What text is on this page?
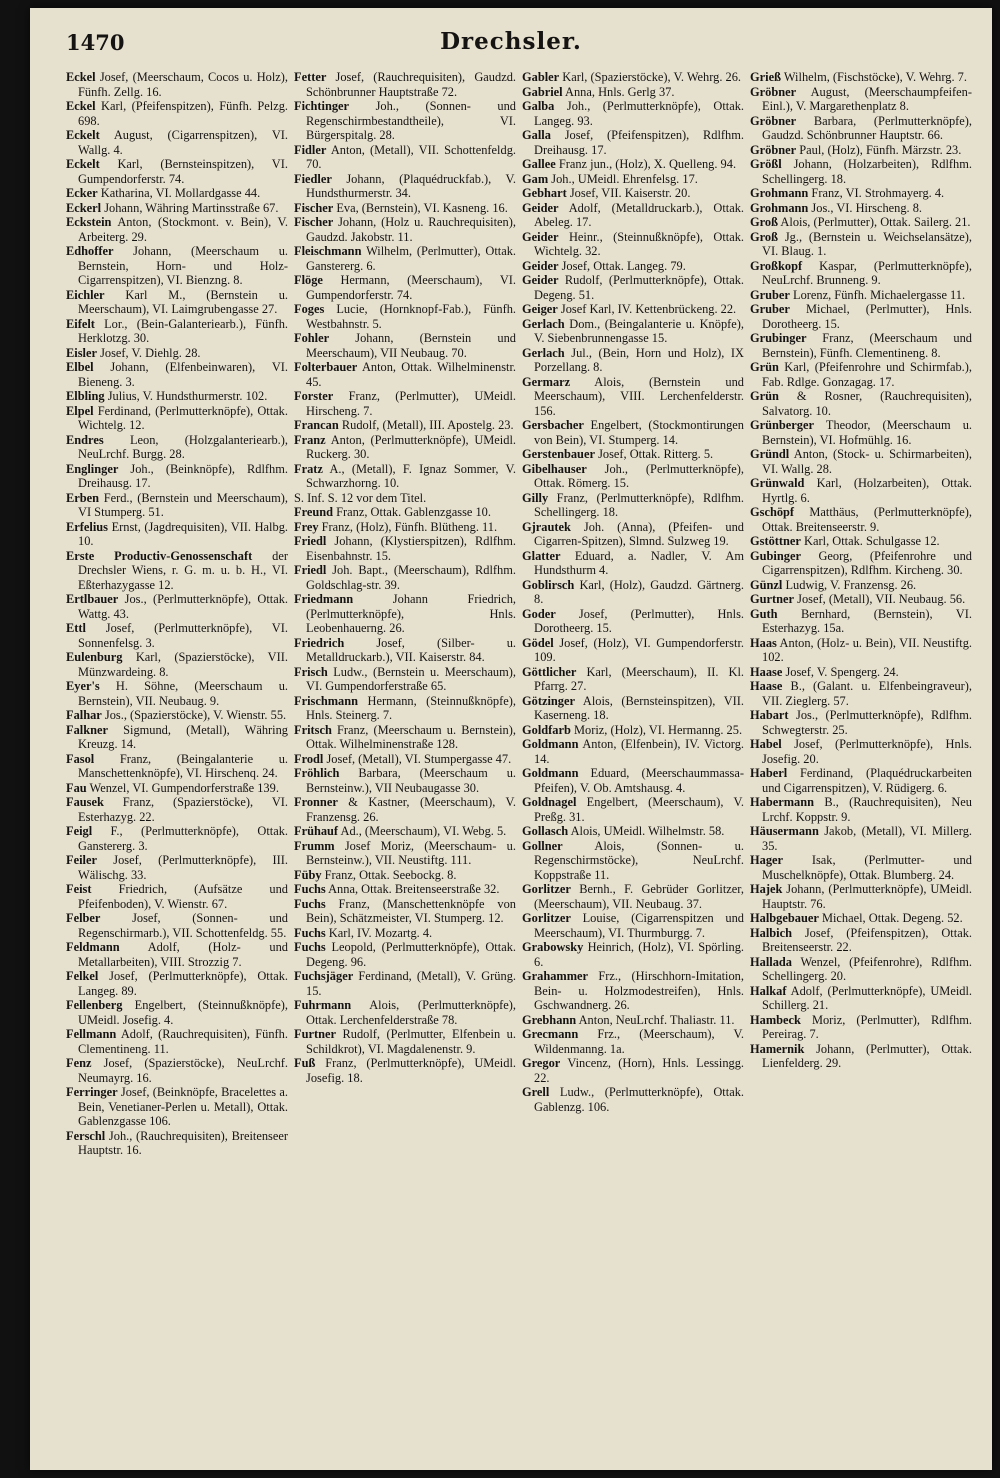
1470	Drechsler.
Eckel Josef, (Meerschaum, Cocos u. Holz), Fünfh. Zellg. 16.
Eckel Karl, (Pfeifenspitzen), Fünfh. Pelzg. 698.
Eckelt August, (Cigarrenspitzen), VI. Wallg. 4.
Eckelt Karl, (Bernsteinspitzen), VI. Gumpendorferstr. 74.
Ecker Katharina, VI. Mollardgasse 44.
Eckerl Johann, Währing Martinsstraße 67.
Eckstein Anton, (Stockmont. v. Bein), V. Arbeiterg. 29.
Edhoffer Johann, (Meerschaum u. Bernstein, Horn- und Holz-Cigarrenspitzen), VI. Bienzng. 8.
Eichler Karl M., (Bernstein u. Meerschaum), VI. Laimgrubengasse 27.
Eifelt Lor., (Bein-Galanteriearb.), Fünfh. Herklotzg. 30.
Eisler Josef, V. Diehlg. 28.
Elbel Johann, (Elfenbeinwaren), VI. Bieneng. 3.
Elbling Julius, V. Hundsthurmerstr. 102.
Elpel Ferdinand, (Perlmutterknöpfe), Ottak. Wichtelg. 12.
Endres Leon, (Holzgalanteriearb.), NeuLrchf. Burgg. 28.
Englinger Joh., (Beinknöpfe), Rdlfhm. Dreihausg. 17.
Erben Ferd., (Bernstein und Meerschaum), VI Stumperg. 51.
Erfelius Ernst, (Jagdrequisiten), VII. Halbg. 10.
Erste Productiv-Genossenschaft der Drechsler Wiens, r. G. m. u. b. H., VI. Eßterhazygasse 12.
Ertlbauer Jos., (Perlmutterknöpfe), Ottak. Wattg. 43.
Ettl Josef, (Perlmutterknöpfe), VI. Sonnenfelsg. 3.
Eulenburg Karl, (Spazierstöcke), VII. Münzwardeing. 8.
Eyer's H. Söhne, (Meerschaum u. Bernstein), VII. Neubaug. 9.
Falhar Jos., (Spazierstöcke), V. Wienstr. 55.
Falkner Sigmund, (Metall), Währing Kreuzg. 14.
Fasol Franz, (Beingalanterie u. Manschettenknöpfe), VI. Hirschenq. 24.
Fau Wenzel, VI. Gumpendorferstraße 139.
Fausek Franz, (Spazierstöcke), VI. Esterhazyg. 22.
Feigl F., (Perlmutterknöpfe), Ottak. Ganstererg. 3.
Feiler Josef, (Perlmutterknöpfe), III. Wälischg. 33.
Feist Friedrich, (Aufsätze und Pfeifenboden), V. Wienstr. 67.
Felber	Josef, (Sonnen- und Regenschirmarb.), VII. Schottenfeldg. 55.
Feldmann Adolf, (Holz- und Metallarbeiten), VIII. Strozzig 7.
Felkel Josef, (Perlmutterknöpfe), Ottak. Langeg. 89.
Fellenberg Engelbert, (Steinnußknöpfe), UMeidl. Josefig. 4.
Fellmann Adolf, (Rauchrequisiten), Fünfh. Clementineng. 11.
Fenz Josef, (Spazierstöcke), NeuLrchf. Neumayrg. 16.
Ferringer Josef, (Beinknöpfe, Bracelettes a. Bein, Venetianer-Perlen u. Metall), Ottak. Gablenzgasse 106.
Ferschl Joh., (Rauchrequisiten), Breitenseer Hauptstr. 16.
Fetter Josef, (Rauchrequisiten), Gaudzd. Schönbrunner Hauptstraße 72.
Fichtinger Joh., (Sonnen- und Regenschirmbestandtheile), VI. Bürgerspitalg. 28.
Fidler Anton, (Metall), VII. Schottenfeldg. 70.
Fiedler Johann, (Plaquédruckfab.), V. Hundsthurmerstr. 34.
Fischer Eva, (Bernstein), VI. Kasneng. 16.
Fischer Johann, (Holz u. Rauchrequisiten), Gaudzd. Jakobstr. 11.
Fleischmann Wilhelm, (Perlmutter), Ottak. Ganstererg. 6.
Flöge Hermann, (Meerschaum), VI. Gumpendorferstr. 74.
Foges Lucie, (Hornknopf-Fab.), Fünfh. Westbahnstr. 5.
Fohler Johann, (Bernstein und Meerschaum), VII Neubaug. 70.
Folterbauer Anton, Ottak. Wilhelminenstr. 45.
Forster Franz, (Perlmutter), UMeidl. Hirscheng. 7.
Francan Rudolf, (Metall), III. Apostelg. 23.
Franz Anton, (Perlmutterknöpfe), UMeidl. Ruckerg. 30.
Fratz A., (Metall), F. Ignaz Sommer, V. Schwarzhorng. 10.
S. Inf. S. 12 vor dem Titel.
Freund Franz, Ottak. Gablenzgasse 10.
Frey Franz, (Holz), Fünfh. Blütheng. 11.
Friedl Johann, (Klystierspitzen), Rdlfhm. Eisenbahnstr. 15.
Friedl Joh. Bapt., (Meerschaum), Rdlfhm. Goldschlag-str. 39.
Friedmann	Johann Friedrich, (Perlmutterknöpfe), Hnls. Leobenhauerng. 26.
Friedrich	Josef, (Silber- u. Metalldruckarb.), VII. Kaiserstr. 84.
Frisch Ludw., (Bernstein u. Meerschaum), VI. Gumpendorferstraße 65.
Frischmann Hermann, (Steinnußknöpfe), Hnls. Steinerg. 7.
Fritsch Franz, (Meerschaum u. Bernstein), Ottak. Wilhelminenstraße 128.
Frodl Josef, (Metall), VI. Stumpergasse 47.
Fröhlich Barbara, (Meerschaum u. Bernsteinw.), VII Neubaugasse 30.
Fronner & Kastner, (Meerschaum), V. Franzensg. 26.
Frühauf Ad., (Meerschaum), VI. Webg. 5.
Frumm Josef Moriz, (Meerschaum- u. Bernsteinw.), VII. Neustiftg. 111.
Füby Franz, Ottak. Seebockg. 8.
Fuchs Anna, Ottak. Breitenseerstraße 32.
Fuchs Franz, (Manschettenknöpfe von Bein), Schätzmeister, VI. Stumperg. 12.
Fuchs Karl, IV. Mozartg. 4.
Fuchs Leopold, (Perlmutterknöpfe), Ottak. Degeng. 96.
Fuchsjäger Ferdinand, (Metall), V. Grüng. 15.
Fuhrmann Alois, (Perlmutterknöpfe), Ottak. Lerchenfelderstraße 78.
Furtner Rudolf, (Perlmutter, Elfenbein u. Schildkrot), VI. Magdalenenstr. 9.
Fuß Franz, (Perlmutterknöpfe), UMeidl. Josefig. 18.
Gabler Karl, (Spazierstöcke), V. Wehrg. 26.
Gabriel Anna, Hnls. Gerlg 37.
Galba Joh., (Perlmutterknöpfe), Ottak. Langeg. 93.
Galla Josef, (Pfeifenspitzen), Rdlfhm. Dreihausg. 17.
Gallee Franz jun., (Holz), X. Quelleng. 94.
Gam Joh., UMeidl. Ehrenfelsg. 17.
Gebhart Josef, VII. Kaiserstr. 20.
Geider Adolf, (Metalldruckarb.), Ottak. Abeleg. 17.
Geider Heinr., (Steinnußknöpfe), Ottak. Wichtelg. 32.
Geider Josef, Ottak. Langeg. 79.
Geider Rudolf, (Perlmutterknöpfe), Ottak. Degeng. 51.
Geiger Josef Karl, IV. Kettenbrückeng. 22.
Gerlach Dom., (Beingalanterie u. Knöpfe), V. Siebenbrunnengasse 15.
Gerlach Jul., (Bein, Horn und Holz), IX Porzellang. 8.
Germarz Alois, (Bernstein und Meerschaum), VIII. Lerchenfelderstr. 156.
Gersbacher Engelbert, (Stockmontirungen von Bein), VI. Stumperg. 14.
Gerstenbauer Josef, Ottak. Ritterg. 5.
Gibelhauser Joh., (Perlmutterknöpfe), Ottak. Römerg. 15.
Gilly Franz, (Perlmutterknöpfe), Rdlfhm. Schellingerg. 18.
Gjrautek Joh. (Anna), (Pfeifen- und Cigarren-Spitzen), Slmnd. Sulzweg 19.
Glatter Eduard, a. Nadler, V. Am Hundsthurm 4.
Goblirsch Karl, (Holz), Gaudzd. Gärtnerg. 8.
Goder Josef, (Perlmutter), Hnls. Dorotheerg. 15.
Gödel Josef, (Holz), VI. Gumpendorferstr. 109.
Göttlicher Karl, (Meerschaum), II. Kl. Pfarrg. 27.
Götzinger Alois, (Bernsteinspitzen), VII. Kaserneng. 18.
Goldfarb Moriz, (Holz), VI. Hermanng. 25.
Goldmann Anton, (Elfenbein), IV. Victorg. 14.
Goldmann Eduard, (Meerschaummassa-Pfeifen), V. Ob. Amtshausg. 4.
Goldnagel Engelbert, (Meerschaum), V. Preßg. 31.
Gollasch Alois, UMeidl. Wilhelmstr. 58.
Gollner	Alois, (Sonnen- u. Regenschirmstöcke), NeuLrchf. Koppstraße 11.
Gorlitzer Bernh., F. Gebrüder Gorlitzer, (Meerschaum), VII. Neubaug. 37.
Gorlitzer Louise, (Cigarrenspitzen und Meerschaum), VI. Thurmburgg. 7.
Grabowsky Heinrich, (Holz), VI. Spörling. 6.
Grahammer Frz., (Hirschhorn-Imitation, Bein- u. Holzmodestreifen), Hnls. Gschwandnerg. 26.
Grebhann Anton, NeuLrchf. Thaliastr. 11.
Grecmann Frz., (Meerschaum), V. Wildenmanng. 1a.
Gregor Vincenz, (Horn), Hnls. Lessingg. 22.
Grell Ludw., (Perlmutterknöpfe), Ottak. Gablenzg. 106.
Grieß Wilhelm, (Fischstöcke), V. Wehrg. 7.
Gröbner August, (Meerschaumpfeifen-Einl.), V. Margarethenplatz 8.
Gröbner Barbara, (Perlmutterknöpfe), Gaudzd. Schönbrunner Hauptstr. 66.
Gröbner Paul, (Holz), Fünfh. Märzstr. 23.
Größl Johann, (Holzarbeiten), Rdlfhm. Schellingerg. 18.
Grohmann Franz, VI. Strohmayerg. 4.
Grohmann Jos., VI. Hirscheng. 8.
Groß Alois, (Perlmutter), Ottak. Sailerg. 21.
Groß Jg., (Bernstein u. Weichselansätze), VI. Blaug. 1.
Großkopf Kaspar, (Perlmutterknöpfe), NeuLrchf. Brunneng. 9.
Gruber Lorenz, Fünfh. Michaelergasse 11.
Gruber Michael, (Perlmutter), Hnls. Dorotheerg. 15.
Grubinger Franz, (Meerschaum und Bernstein), Fünfh. Clementineng. 8.
Grün Karl, (Pfeifenrohre und Schirmfab.), Fab. Rdlge. Gonzagag. 17.
Grün & Rosner, (Rauchrequisiten), Salvatorg. 10.
Grünberger Theodor, (Meerschaum u. Bernstein), VI. Hofmühlg. 16.
Gründl Anton, (Stock- u. Schirmarbeiten), VI. Wallg. 28.
Grünwald Karl, (Holzarbeiten), Ottak. Hyrtlg. 6.
Gschöpf Matthäus, (Perlmutterknöpfe), Ottak. Breitenseerstr. 9.
Gstöttner Karl, Ottak. Schulgasse 12.
Gubinger Georg, (Pfeifenrohre und Cigarrenspitzen), Rdlfhm. Kircheng. 30.
Günzl Ludwig, V. Franzensg. 26.
Gurtner Josef, (Metall), VII. Neubaug. 56.
Guth Bernhard, (Bernstein), VI. Esterhazyg. 15a.
Haas Anton, (Holz- u. Bein), VII. Neustiftg. 102.
Haase Josef, V. Spengerg. 24.
Haase B., (Galant. u. Elfenbeingraveur), VII. Zieglerg. 57.
Habart Jos., (Perlmutterknöpfe), Rdlfhm. Schwegterstr. 25.
Habel Josef, (Perlmutterknöpfe), Hnls. Josefig. 20.
Haberl Ferdinand, (Plaquédruckarbeiten und Cigarrenspitzen), V. Rüdigerg. 6.
Habermann B., (Rauchrequisiten), Neu Lrchf. Koppstr. 9.
Häusermann Jakob, (Metall), VI. Millerg. 35.
Hager Isak, (Perlmutter- und Muschelknöpfe), Ottak. Blumberg. 24.
Hajek Johann, (Perlmutterknöpfe), UMeidl. Hauptstr. 76.
Halbgebauer Michael, Ottak. Degeng. 52.
Halbich Josef, (Pfeifenspitzen), Ottak. Breitenseerstr. 22.
Hallada Wenzel, (Pfeifenrohre), Rdlfhm. Schellingerg. 20.
Halkaf Adolf, (Perlmutterknöpfe), UMeidl. Schillerg. 21.
Hambeck Moriz, (Perlmutter), Rdlfhm. Pereirag. 7.
Hamernik Johann, (Perlmutter), Ottak. Lienfelderg. 29.
